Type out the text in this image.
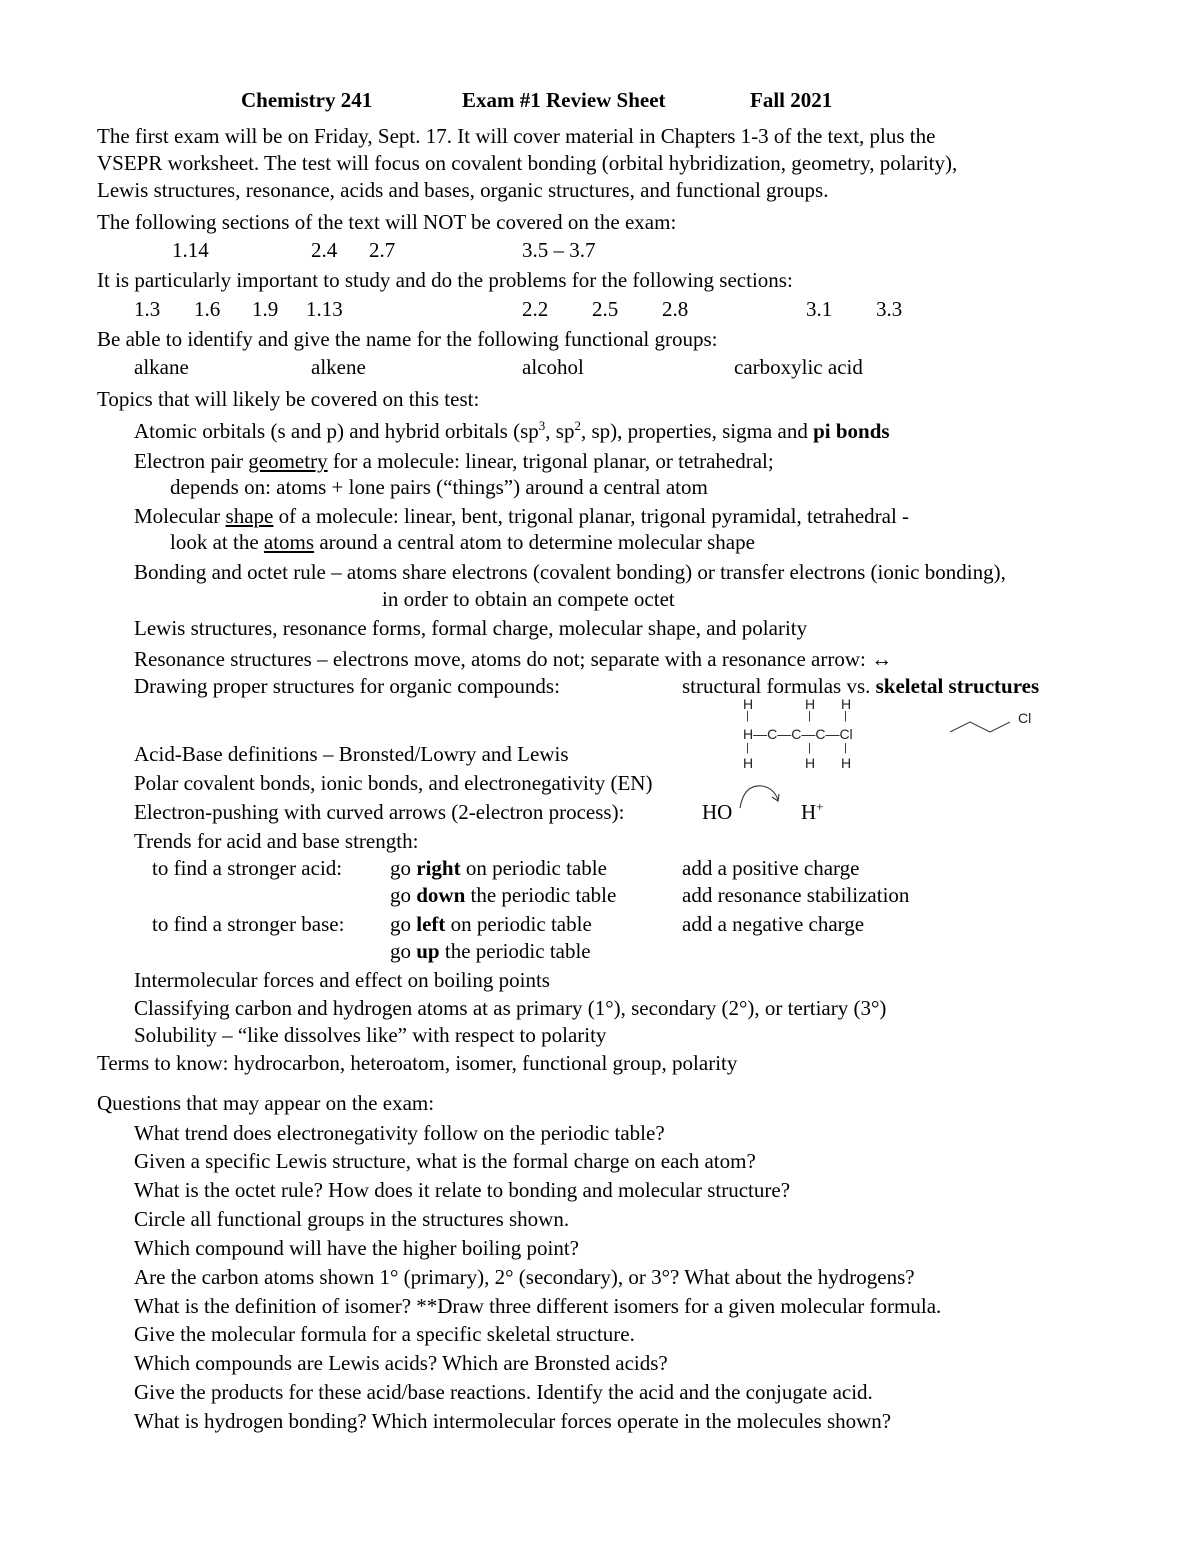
Chemistry 241	Exam #1 Review Sheet	Fall 2021
The first exam will be on Friday, Sept. 17. It will cover material in Chapters 1-3 of the text, plus the
VSEPR worksheet. The test will focus on covalent bonding (orbital hybridization, geometry, polarity),
Lewis structures, resonance, acids and bases, organic structures, and functional groups.
The following sections of the text will NOT be covered on the exam:
1.14	2.4 2.7	3.5 – 3.7
It is particularly important to study and do the problems for the following sections:
1.3 1.6 1.9 1.13	2.2 2.5 2.8	3.1 3.3
Be able to identify and give the name for the following functional groups:
alkane	alkene	alcohol	carboxylic acid
Topics that will likely be covered on this test:
Atomic orbitals (s and p) and hybrid orbitals ($sp^3$, $sp^2$, sp), properties, sigma and pi bonds
Electron pair geometry for a molecule: linear, trigonal planar, or tetrahedral;
depends on: atoms + lone pairs (“things”) around a central atom
Molecular shape of a molecule: linear, bent, trigonal planar, trigonal pyramidal, tetrahedral -
look at the atoms around a central atom to determine molecular shape
Bonding and octet rule – atoms share electrons (covalent bonding) or transfer electrons (ionic bonding),
in order to obtain an compete octet
Lewis structures, resonance forms, formal charge, molecular shape, and polarity
Resonance structures – electrons move, atoms do not; separate with a resonance arrow: ↔
Drawing proper structures for organic compounds:	structural formulas vs. skeletal structures
H	H H
|	|	|
H—C—C—C—Cl
|	|	|
H	H H
Cl
Acid-Base definitions – Bronsted/Lowry and Lewis
Polar covalent bonds, ionic bonds, and electronegativity (EN)
Electron-pushing with curved arrows (2-electron process):	HO	H+
Trends for acid and base strength:
to find a stronger acid: go right on periodic table	add a positive charge
go down the periodic table	add resonance stabilization
to find a stronger base: go left on periodic table	add a negative charge
go up the periodic table
Intermolecular forces and effect on boiling points
Classifying carbon and hydrogen atoms at as primary (1°), secondary (2°), or tertiary (3°)
Solubility – “like dissolves like” with respect to polarity
Terms to know: hydrocarbon, heteroatom, isomer, functional group, polarity
Questions that may appear on the exam:
What trend does electronegativity follow on the periodic table?
Given a specific Lewis structure, what is the formal charge on each atom?
What is the octet rule? How does it relate to bonding and molecular structure?
Circle all functional groups in the structures shown.
Which compound will have the higher boiling point?
Are the carbon atoms shown 1° (primary), 2° (secondary), or 3°? What about the hydrogens?
What is the definition of isomer? **Draw three different isomers for a given molecular formula.
Give the molecular formula for a specific skeletal structure.
Which compounds are Lewis acids? Which are Bronsted acids?
Give the products for these acid/base reactions. Identify the acid and the conjugate acid.
What is hydrogen bonding? Which intermolecular forces operate in the molecules shown?
